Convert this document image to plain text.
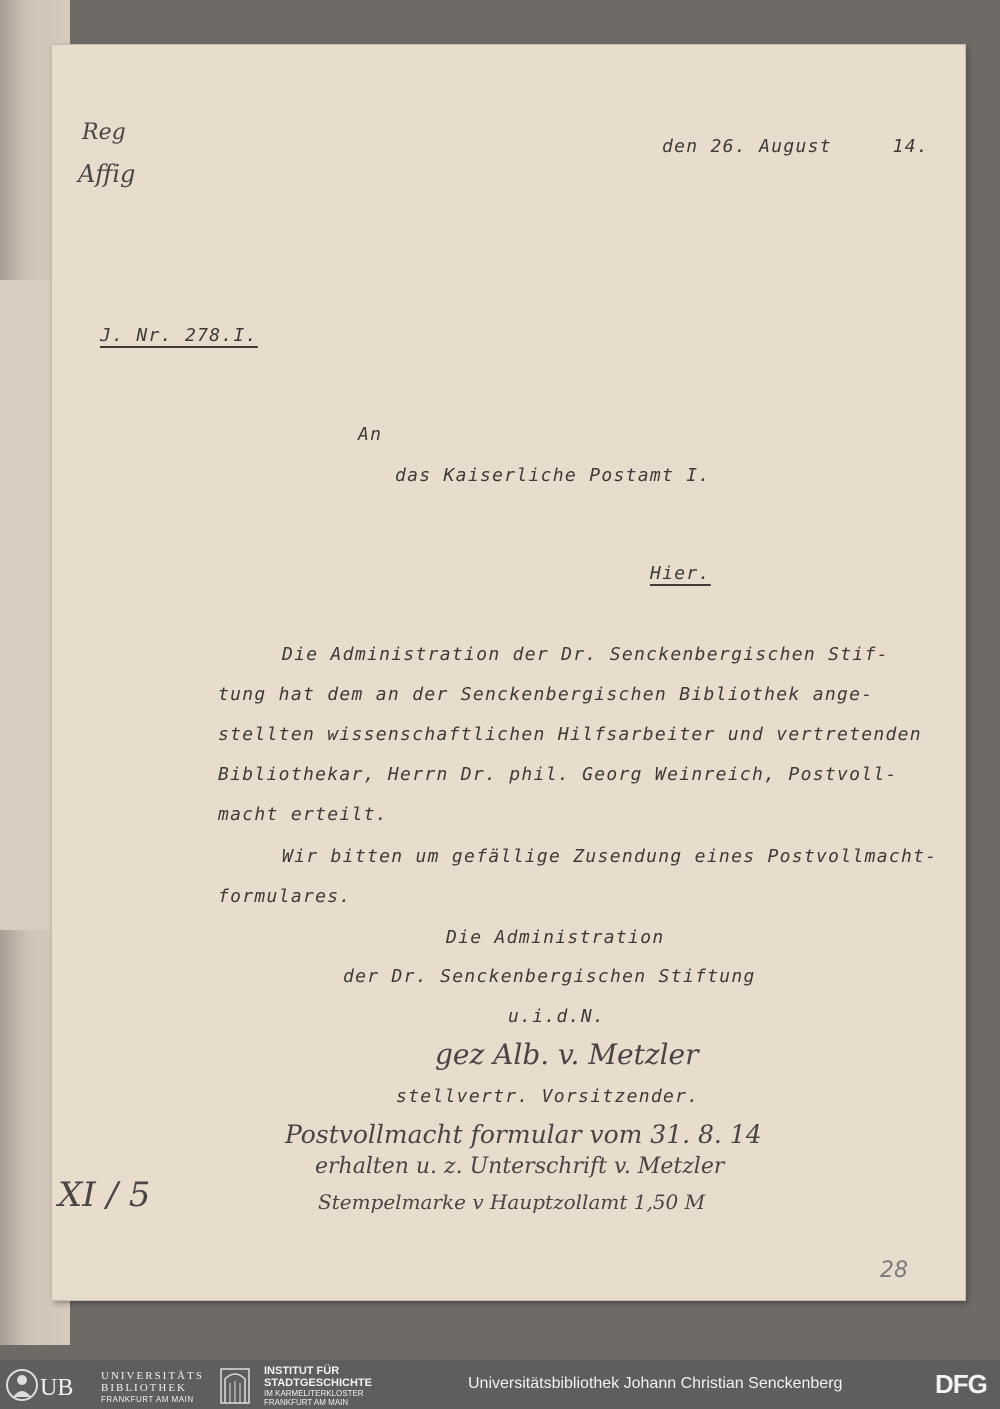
den 26. August     14.
J. Nr. 278.I.
An
das Kaiserliche Postamt I.
Hier.
Die Administration der Dr. Senckenbergischen Stif-
tung hat dem an der Senckenbergischen Bibliothek ange-
stellten wissenschaftlichen Hilfsarbeiter und vertretenden
Bibliothekar, Herrn Dr. phil. Georg Weinreich, Postvoll-
macht erteilt.
Wir bitten um gefällige Zusendung eines Postvollmacht-
formulares.
Die Administration
der Dr. Senckenbergischen Stiftung
u.i.d.N.
gez Alb. v. Metzler
stellvertr. Vorsitzender.
Reg
Affig
Postvollmacht formular vom 31. 8. 14
erhalten u. z. Unterschrift v. Metzler
Stempelmarke v Hauptzollamt 1,50 M
XI / 5
28
UB	UNIVERSITÄTS
BIBLIOTHEK
FRANKFURT AM MAIN
INSTITUT FÜR
STADTGESCHICHTE
IM KARMELITERKLOSTER
FRANKFURT AM MAIN
Universitätsbibliothek Johann Christian Senckenberg	DFG
